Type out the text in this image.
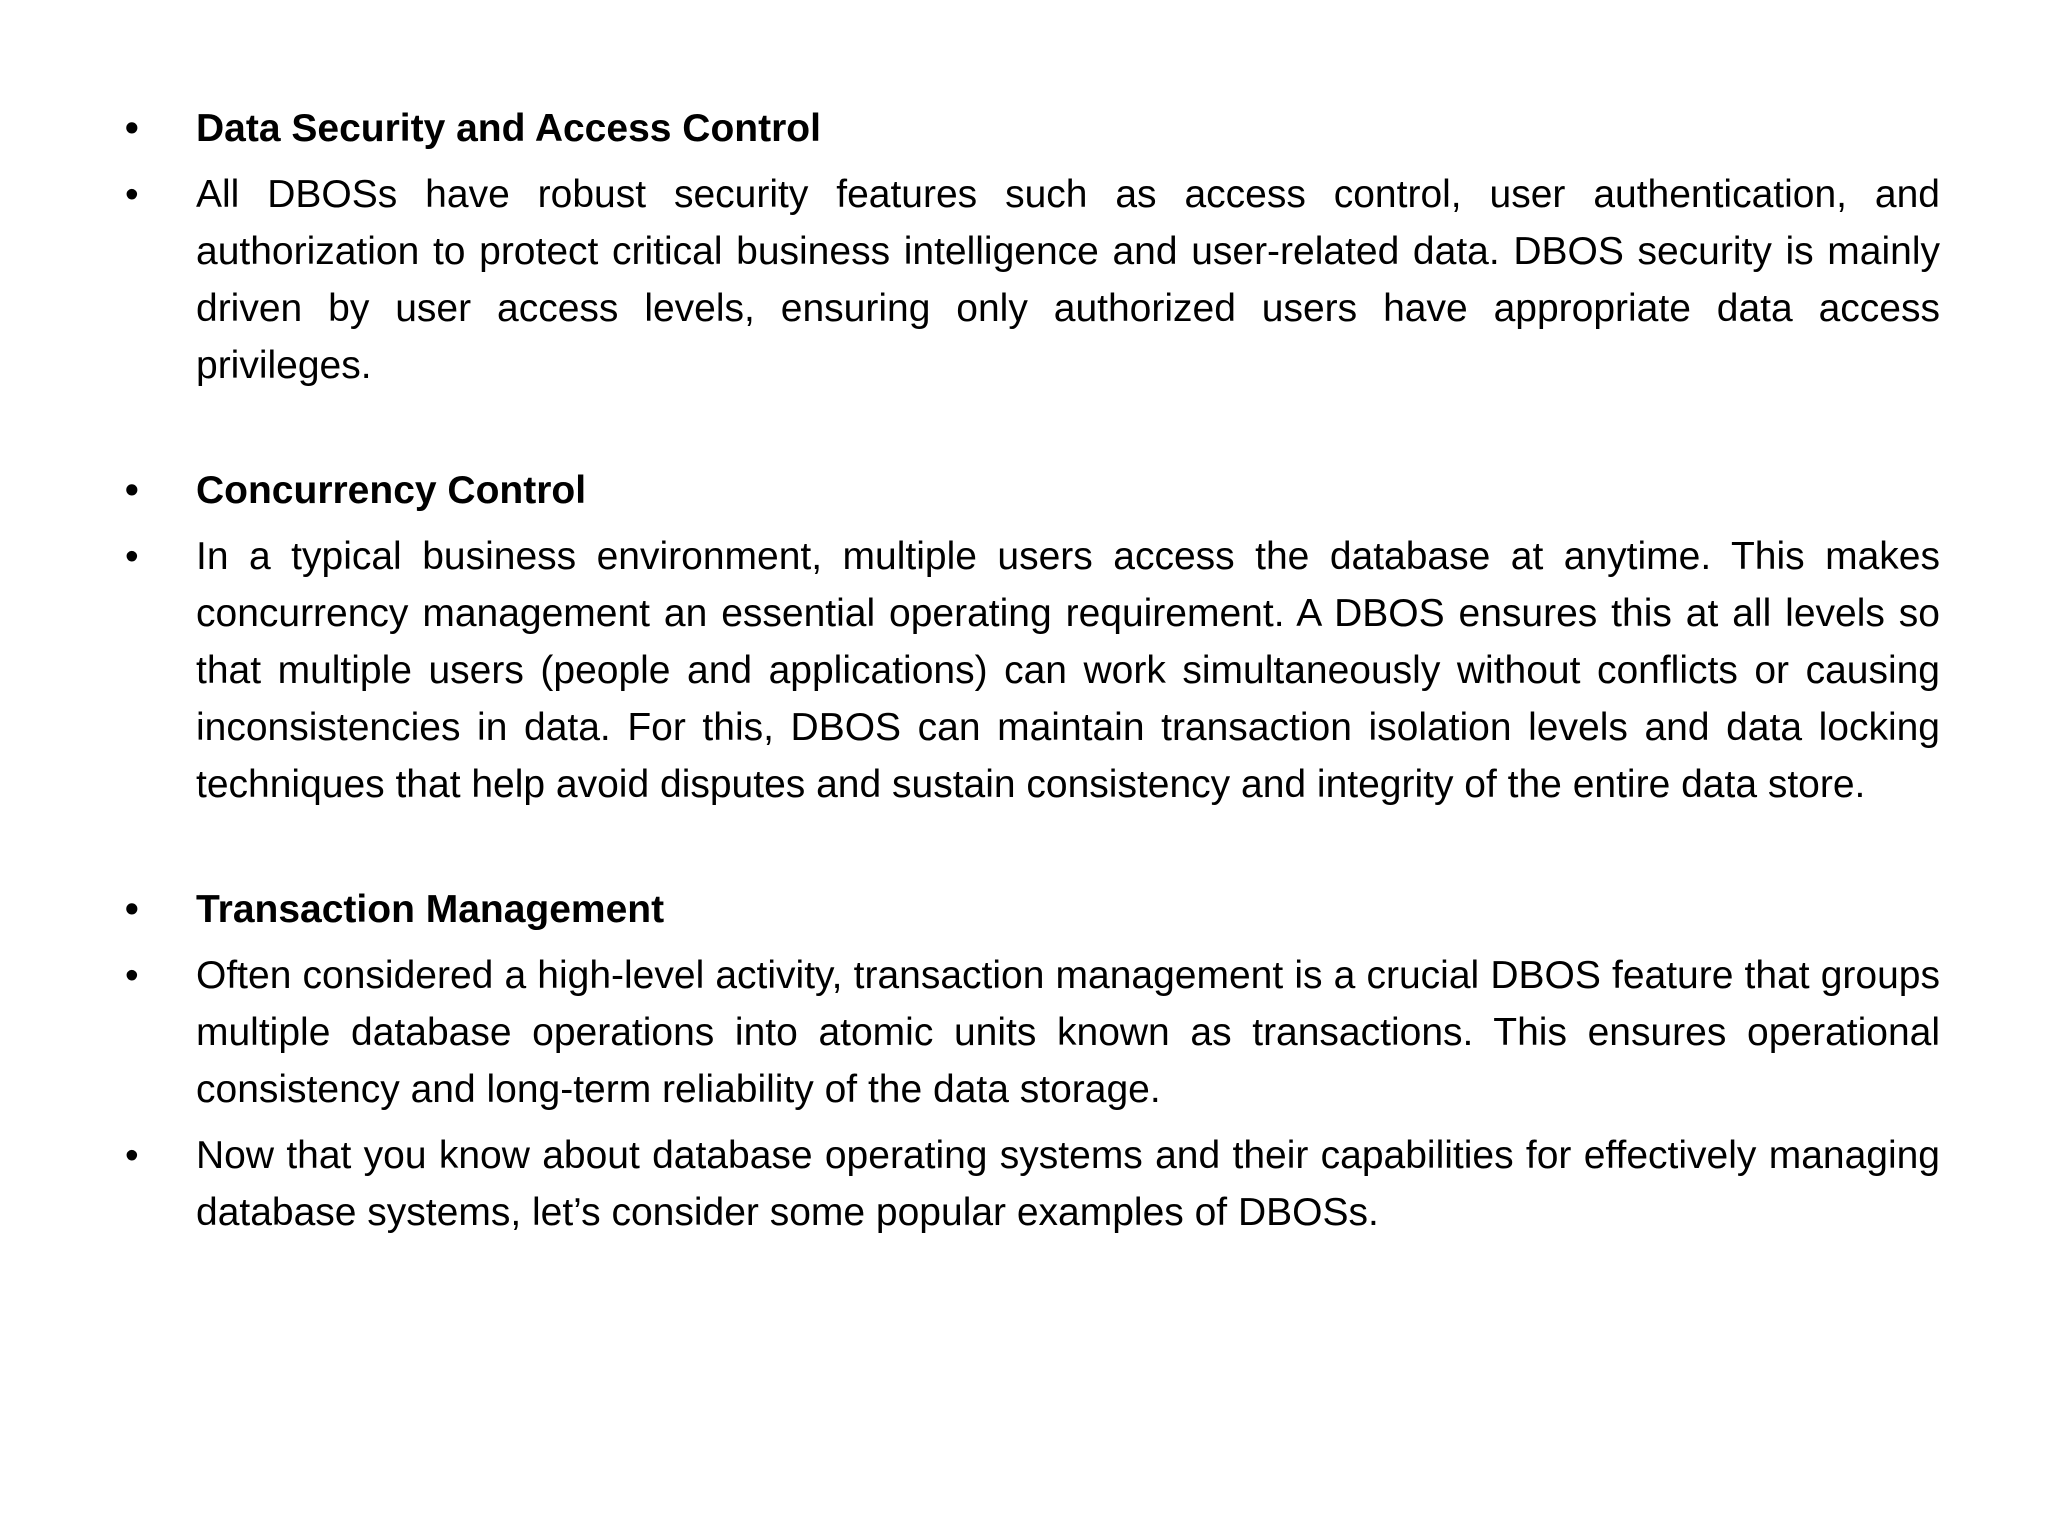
• Data Security and Access Control
• All DBOSs have robust security features such as access control, user authentication, and authorization to protect critical business intelligence and user-related data. DBOS security is mainly driven by user access levels, ensuring only authorized users have appropriate data access privileges.
• Concurrency Control
• In a typical business environment, multiple users access the database at anytime. This makes concurrency management an essential operating requirement. A DBOS ensures this at all levels so that multiple users (people and applications) can work simultaneously without conflicts or causing inconsistencies in data. For this, DBOS can maintain transaction isolation levels and data locking techniques that help avoid disputes and sustain consistency and integrity of the entire data store.
• Transaction Management
• Often considered a high-level activity, transaction management is a crucial DBOS feature that groups multiple database operations into atomic units known as transactions. This ensures operational consistency and long-term reliability of the data storage.
• Now that you know about database operating systems and their capabilities for effectively managing database systems, let’s consider some popular examples of DBOSs.
